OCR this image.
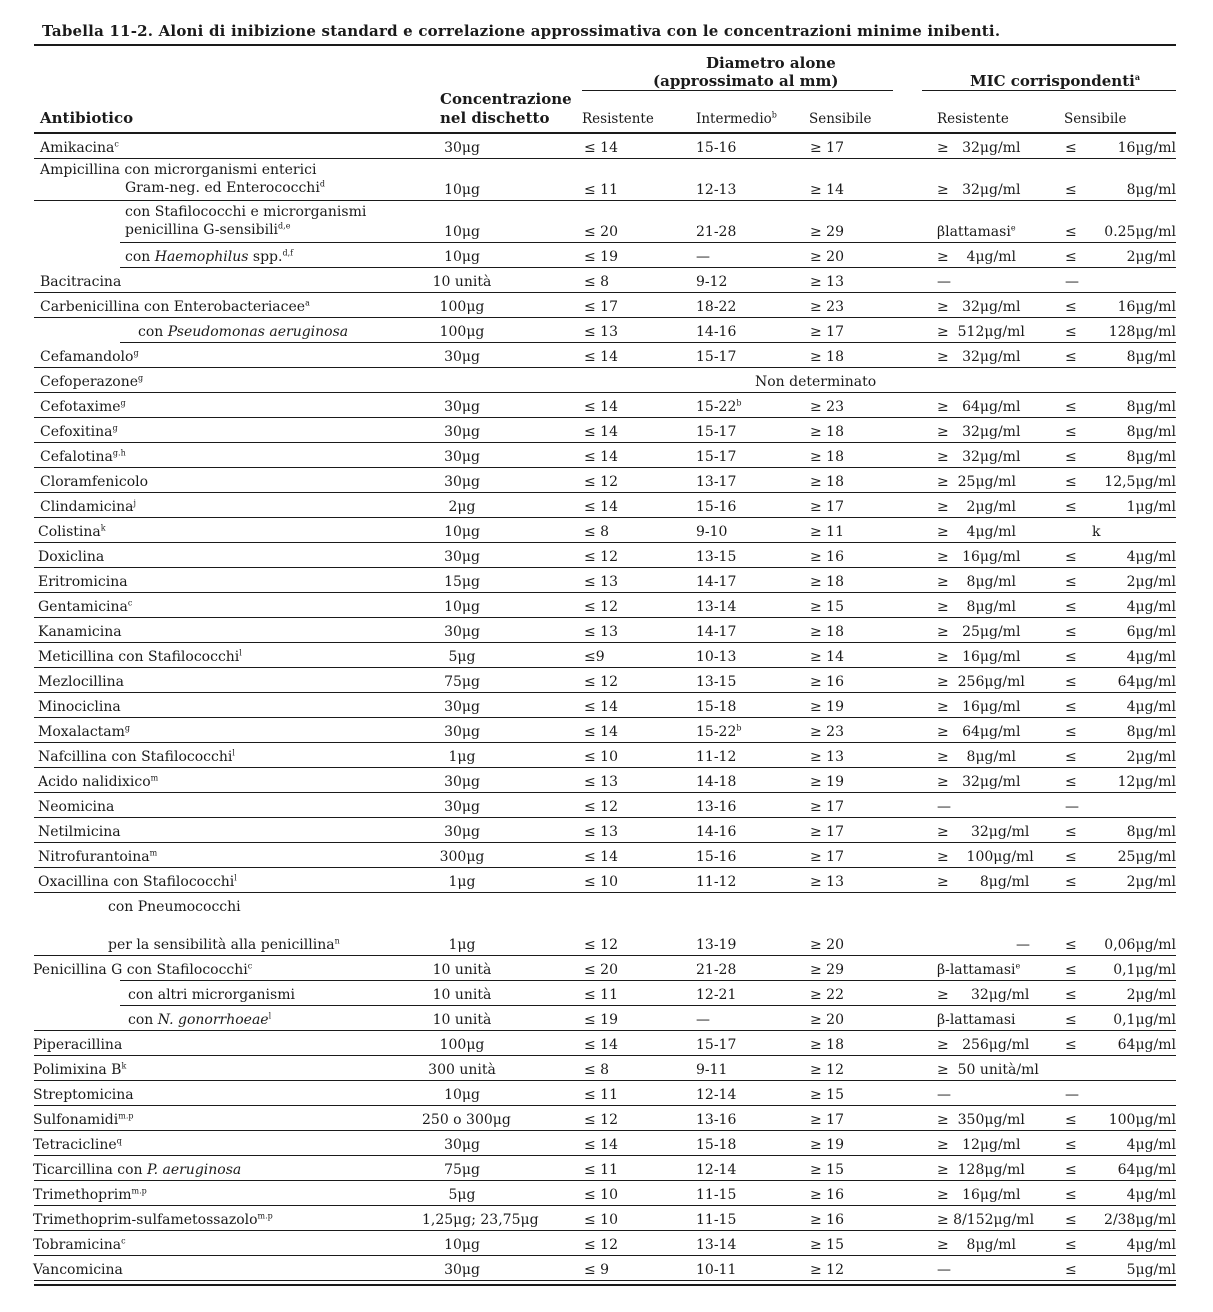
Tabella 11-2. Aloni di inibizione standard e correlazione approssimativa con le concentrazioni minime inibenti.
Diametro alone
(approssimato al mm)	MIC corrispondenti$^a$
Concentrazione
nel dischetto
Antibiotico	Resistente	Intermedio$^b$ Sensibile	Resistente	Sensibile
Amikacina$^c$	30μg	≤ 14	15-16	≥ 17	≥   32μg/ml	≤	16μg/ml
Ampicillina con microrganismi enterici
Gram-neg. ed Enterococchi$^d$	10μg	≤ 11	12-13	≥ 14	≥   32μg/ml	≤	8μg/ml
con Stafilococchi e microrganismi
penicillina G-sensibili$^{d,e}$	10μg	≤ 20	21-28	≥ 29	βlattamasi$^e$	≤ 0.25μg/ml
con Haemophilus spp.$^{d,f}$	10μg	≤ 19	—	≥ 20	≥    4μg/ml	≤	2μg/ml
Bacitracina	10 unità	≤ 8	9-12	≥ 13	—	—
Carbenicillina con Enterobacteriacee$^a$	100μg	≤ 17	18-22	≥ 23	≥   32μg/ml	≤	16μg/ml
con Pseudomonas aeruginosa	100μg	≤ 13	14-16	≥ 17	≥  512μg/ml	≤ 128μg/ml
Cefamandolo$^g$	30μg	≤ 14	15-17	≥ 18	≥   32μg/ml	≤	8μg/ml
Cefoperazone$^g$	Non determinato
Cefotaxime$^g$	30μg	≤ 14	$15-22^b$	≥ 23	≥   64μg/ml	≤	8μg/ml
Cefoxitina$^g$	30μg	≤ 14	15-17	≥ 18	≥   32μg/ml	≤	8μg/ml
Cefalotina$^{g.h}$	30μg	≤ 14	15-17	≥ 18	≥   32μg/ml	≤	8μg/ml
Cloramfenicolo	30μg	≤ 12	13-17	≥ 18	≥  25μg/ml	≤ 12,5μg/ml
Clindamicina$^j$	2μg	≤ 14	15-16	≥ 17	≥    2μg/ml	≤	1μg/ml
Colistina$^k$	10μg	≤ 8	9-10	≥ 11	≥    4μg/ml	k
Doxiclina	30μg	≤ 12	13-15	≥ 16	≥   16μg/ml	≤	4μg/ml
Eritromicina	15μg	≤ 13	14-17	≥ 18	≥    8μg/ml	≤	2μg/ml
Gentamicina$^c$	10μg	≤ 12	13-14	≥ 15	≥    8μg/ml	≤	4μg/ml
Kanamicina	30μg	≤ 13	14-17	≥ 18	≥   25μg/ml	≤	6μg/ml
Meticillina con Stafilococchi$^l$	5μg	≤9	10-13	≥ 14	≥   16μg/ml	≤	4μg/ml
Mezlocillina	75μg	≤ 12	13-15	≥ 16	≥  256μg/ml	≤	64μg/ml
Minociclina	30μg	≤ 14	15-18	≥ 19	≥   16μg/ml	≤	4μg/ml
Moxalactam$^g$	30μg	≤ 14	$15-22^b$	≥ 23	≥   64μg/ml	≤	8μg/ml
Nafcillina con Stafilococchi$^l$	1μg	≤ 10	11-12	≥ 13	≥    8μg/ml	≤	2μg/ml
Acido nalidixico$^m$	30μg	≤ 13	14-18	≥ 19	≥   32μg/ml	≤	12μg/ml
Neomicina	30μg	≤ 12	13-16	≥ 17	—	—
Netilmicina	30μg	≤ 13	14-16	≥ 17	≥     32μg/ml	≤	8μg/ml
Nitrofurantoina$^m$	300μg	≤ 14	15-16	≥ 17	≥    100μg/ml ≤	25μg/ml
Oxacillina con Stafilococchi$^l$	1μg	≤ 10	11-12	≥ 13	≥       8μg/ml	≤	2μg/ml
con Pneumococchi
per la sensibilità alla penicillina$^n$	1μg	≤ 12	13-19	≥ 20	—	≤ 0,06μg/ml
Penicillina G con Stafilococchi$^c$	10 unità	≤ 20	21-28	≥ 29	β-lattamasi$^e$	≤	0,1μg/ml
con altri microrganismi	10 unità	≤ 11	12-21	≥ 22	≥     32μg/ml	≤	2μg/ml
con N. gonorrhoeae$^l$	10 unità	≤ 19	—	≥ 20	β-lattamasi	≤	0,1μg/ml
Piperacillina	100μg	≤ 14	15-17	≥ 18	≥   256μg/ml	≤	64μg/ml
Polimixina $B^k$	300 unità	≤ 8	9-11	≥ 12	≥  50 unità/ml
Streptomicina	10μg	≤ 11	12-14	≥ 15	—	—
Sulfonamidi$^{m.p}$	250 o 300μg	≤ 12	13-16	≥ 17	≥  350μg/ml	≤ 100μg/ml
Tetracicline$^q$	30μg	≤ 14	15-18	≥ 19	≥   12μg/ml	≤	4μg/ml
Ticarcillina con P. aeruginosa	75μg	≤ 11	12-14	≥ 15	≥  128μg/ml	≤	64μg/ml
Trimethoprim$^{m.p}$	5μg	≤ 10	11-15	≥ 16	≥   16μg/ml	≤	4μg/ml
Trimethoprim-sulfametossazolo$^{m.p}$	1,25μg; 23,75μg	≤ 10	11-15	≥ 16	≥ 8/152μg/ml ≤ 2/38μg/ml
Tobramicina$^c$	10μg	≤ 12	13-14	≥ 15	≥    8μg/ml	≤	4μg/ml
Vancomicina	30μg	≤ 9	10-11	≥ 12	—	≤	5μg/ml
